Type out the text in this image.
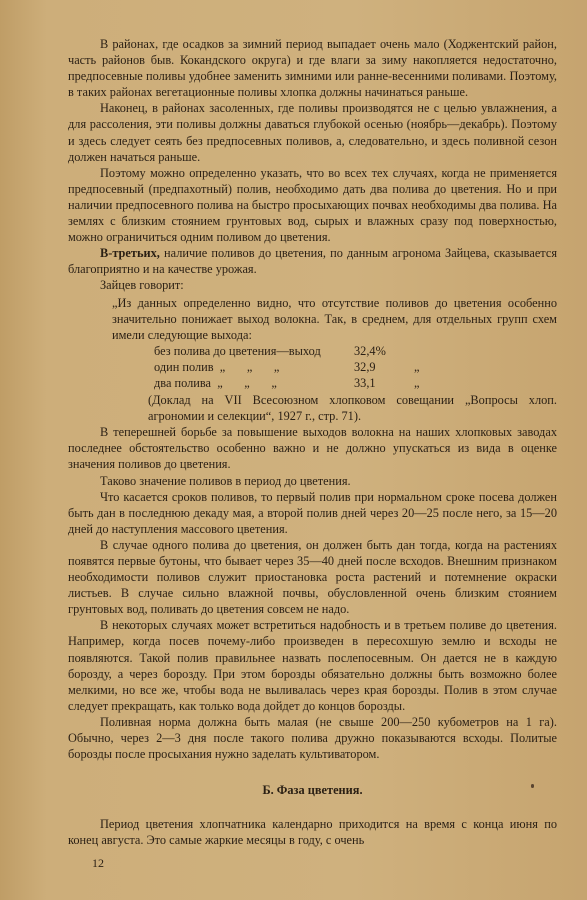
В районах, где осадков за зимний период выпадает очень мало (Ходжентский район, часть районов быв. Кокандского округа) и где влаги за зиму накопляется недостаточно, предпосевные поливы удобнее заменить зимними или ранне-весенними поливами. Поэтому, в таких районах вегетационные поливы хлопка должны начинаться раньше.

Наконец, в районах засоленных, где поливы производятся не с целью увлажнения, а для рассоления, эти поливы должны даваться глубокой осенью (ноябрь—декабрь). Поэтому и здесь следует сеять без предпосевных поливов, а, следовательно, и здесь поливной сезон должен начаться раньше.

Поэтому можно определенно указать, что во всех тех случаях, когда не применяется предпосевный (предпахотный) полив, необходимо дать два полива до цветения. Но и при наличии предпосевного полива на быстро просыхающих почвах необходимы два полива. На землях с близким стоянием грунтовых вод, сырых и влажных сразу под поверхностью, можно ограничиться одним поливом до цветения.

В-третьих, наличие поливов до цветения, по данным агронома Зайцева, сказывается благоприятно и на качестве урожая.

Зайцев говорит:

„Из данных определенно видно, что отсутствие поливов до цветения особенно значительно понижает выход волокна. Так, в среднем, для отдельных групп схем имели следующие выхода:

без полива до цветения—выход	32,4%
один полив  „       „       „	32,9	„
два полива  „       „       „	33,1	„

(Доклад на VII Всесоюзном хлопковом совещании „Вопросы хлоп. агрономии и селекции“, 1927 г., стр. 71).

В теперешней борьбе за повышение выходов волокна на наших хлопковых заводах последнее обстоятельство особенно важно и не должно упускаться из вида в оценке значения поливов до цветения.

Таково значение поливов в период до цветения.

Что касается сроков поливов, то первый полив при нормальном сроке посева должен быть дан в последнюю декаду мая, а второй полив дней через 20—25 после него, за 15—20 дней до наступления массового цветения.

В случае одного полива до цветения, он должен быть дан тогда, когда на растениях появятся первые бутоны, что бывает через 35—40 дней после всходов. Внешним признаком необходимости поливов служит приостановка роста растений и потемнение окраски листьев. В случае сильно влажной почвы, обусловленной очень близким стоянием грунтовых вод, поливать до цветения совсем не надо.

В некоторых случаях может встретиться надобность и в третьем поливе до цветения. Например, когда посев почему-либо произведен в пересохшую землю и всходы не появляются. Такой полив правильнее назвать послепосевным. Он дается не в каждую борозду, а через борозду. При этом борозды обязательно должны быть возможно более мелкими, но все же, чтобы вода не выливалась через края борозды. Полив в этом случае следует прекращать, как только вода дойдет до концов борозды.

Поливная норма должна быть малая (не свыше 200—250 кубометров на 1 га). Обычно, через 2—3 дня после такого полива дружно показываются всходы. Политые борозды после просыхания нужно заделать культиватором.

Б. Фаза цветения.

Период цветения хлопчатника календарно приходится на время с конца июня по конец августа. Это самые жаркие месяцы в году, с очень

12
